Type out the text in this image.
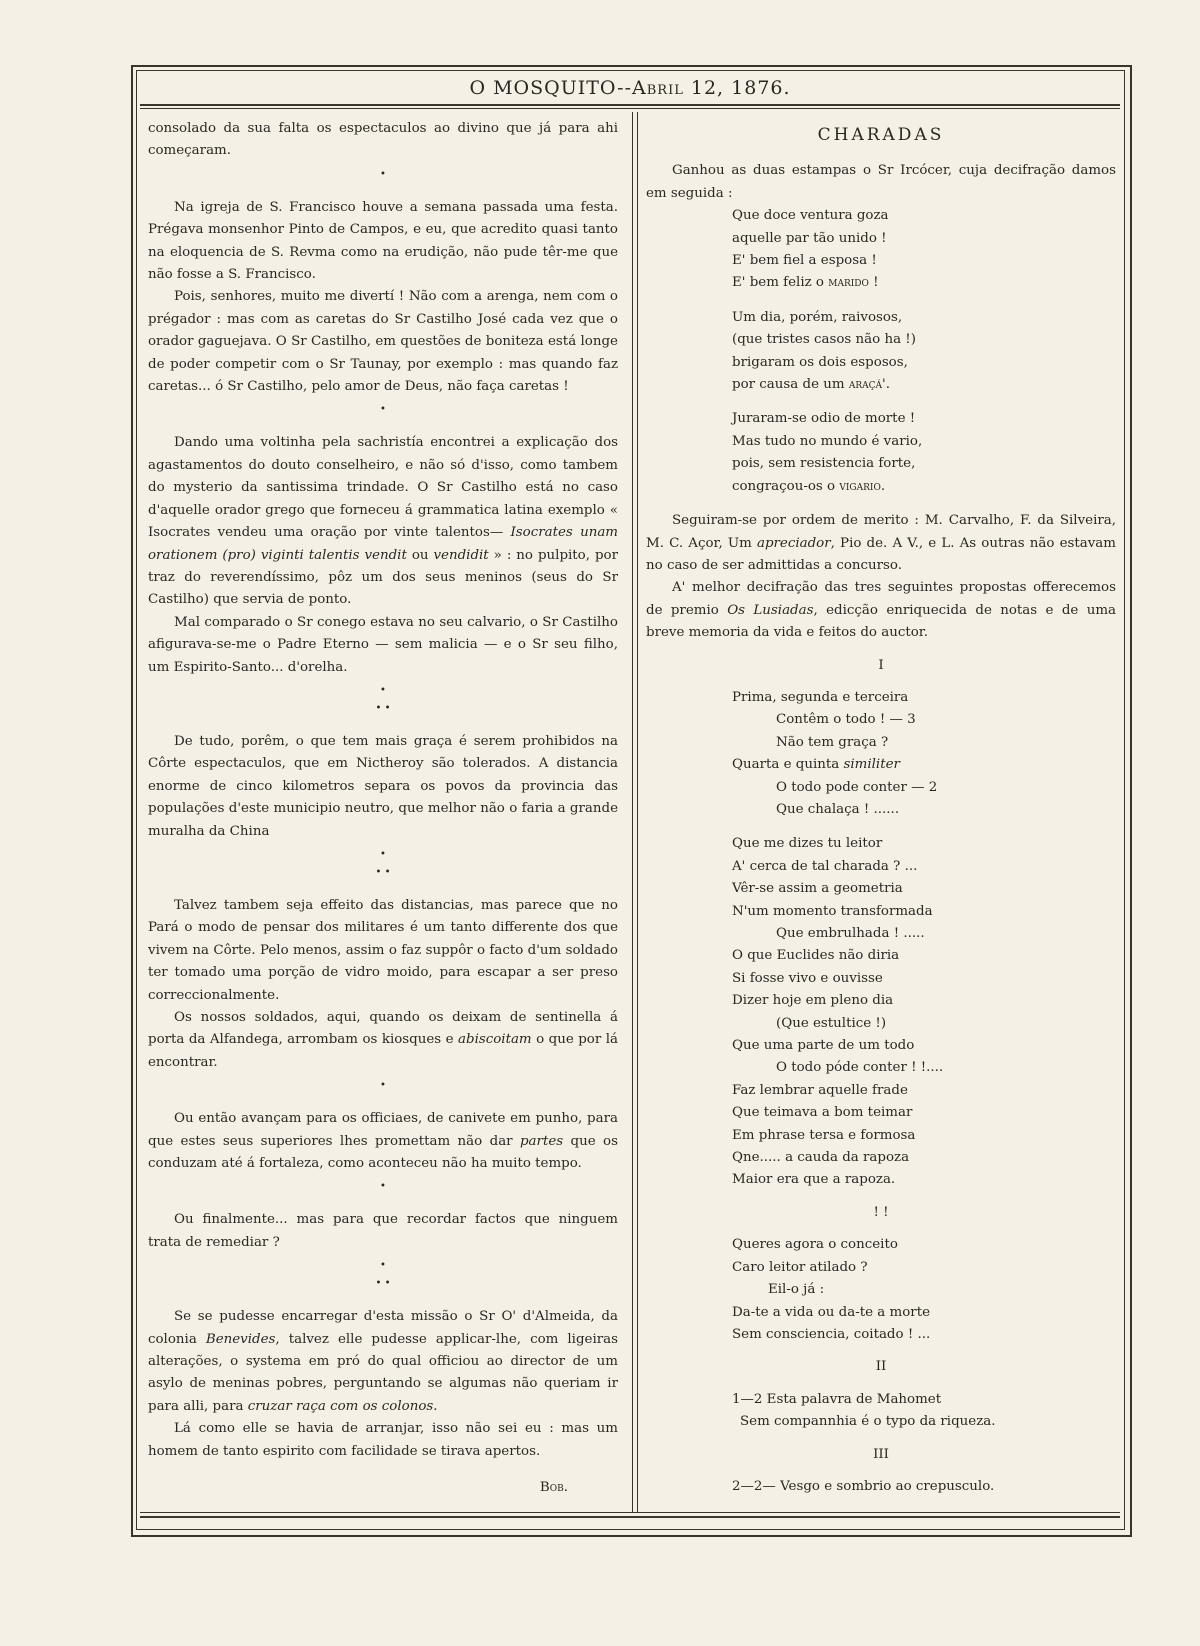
O MOSQUITO--Abril 12, 1876.

consolado da sua falta os espectaculos ao divino que já para ahi começaram.

•

Na igreja de S. Francisco houve a semana passada uma festa. Prégava monsenhor Pinto de Campos, e eu, que acredito quasi tanto na eloquencia de S. Revma como na erudição, não pude têr-me que não fosse a S. Francisco.

Pois, senhores, muito me divertí ! Não com a arenga, nem com o prégador : mas com as caretas do Sr Castilho José cada vez que o orador gaguejava. O Sr Castilho, em questões de boniteza está longe de poder competir com o Sr Taunay, por exemplo : mas quando faz caretas... ó Sr Castilho, pelo amor de Deus, não faça caretas !

•

Dando uma voltinha pela sachristía encontrei a explicação dos agastamentos do douto conselheiro, e não só d'isso, como tambem do mysterio da santissima trindade. O Sr Castilho está no caso d'aquelle orador grego que forneceu á grammatica latina exemplo « Isocrates vendeu uma oração por vinte talentos— Isocrates unam orationem (pro) viginti talentis vendit ou vendidit » : no pulpito, por traz do reverendíssimo, pôz um dos seus meninos (seus do Sr Castilho) que servia de ponto.

Mal comparado o Sr conego estava no seu calvario, o Sr Castilho afigurava-se-me o Padre Eterno — sem malicia — e o Sr seu filho, um Espirito-Santo... d'orelha.

•
• •

De tudo, porêm, o que tem mais graça é serem prohibidos na Côrte espectaculos, que em Nictheroy são tolerados. A distancia enorme de cinco kilometros separa os povos da provincia das populações d'este municipio neutro, que melhor não o faria a grande muralha da China

•
• •

Talvez tambem seja effeito das distancias, mas parece que no Pará o modo de pensar dos militares é um tanto differente dos que vivem na Côrte. Pelo menos, assim o faz suppôr o facto d'um soldado ter tomado uma porção de vidro moido, para escapar a ser preso correccionalmente.

Os nossos soldados, aqui, quando os deixam de sentinella á porta da Alfandega, arrombam os kiosques e abiscoitam o que por lá encontrar.

•

Ou então avançam para os officiaes, de canivete em punho, para que estes seus superiores lhes promettam não dar partes que os conduzam até á fortaleza, como aconteceu não ha muito tempo.

•

Ou finalmente... mas para que recordar factos que ninguem trata de remediar ?

•
• •

Se se pudesse encarregar d'esta missão o Sr O' d'Almeida, da colonia Benevides, talvez elle pudesse applicar-lhe, com ligeiras alterações, o systema em pró do qual officiou ao director de um asylo de meninas pobres, perguntando se algumas não queriam ir para alli, para cruzar raça com os colonos.

Lá como elle se havia de arranjar, isso não sei eu : mas um homem de tanto espirito com facilidade se tirava apertos.

Bob.
CHARADAS

Ganhou as duas estampas o Sr Ircócer, cuja decifração damos em seguida :

Que doce ventura goza
aquelle par tão unido !
E' bem fiel a esposa !
E' bem feliz o marido !
Um dia, porém, raivosos,
(que tristes casos não ha !)
brigaram os dois esposos,
por causa de um araçá'.
Juraram-se odio de morte !
Mas tudo no mundo é vario,
pois, sem resistencia forte,
congraçou-os o vigario.

Seguiram-se por ordem de merito : M. Carvalho, F. da Silveira, M. C. Açor, Um apreciador, Pio de. A V., e L. As outras não estavam no caso de ser admittidas a concurso.

A' melhor decifração das tres seguintes propostas offerecemos de premio Os Lusiadas, edicção enriquecida de notas e de uma breve memoria da vida e feitos do auctor.

I
Prima, segunda e terceira
Contêm o todo ! — 3
Não tem graça ?
Quarta e quinta similiter
O todo pode conter — 2
Que chalaça ! ......
Que me dizes tu leitor
A' cerca de tal charada ? ...
Vêr-se assim a geometria
N'um momento transformada
Que embrulhada ! .....
O que Euclides não diria
Si fosse vivo e ouvisse
Dizer hoje em pleno dia
(Que estultice !)
Que uma parte de um todo
O todo póde conter ! !....
Faz lembrar aquelle frade
Que teimava a bom teimar
Em phrase tersa e formosa
Qne..... a cauda da rapoza
Maior era que a rapoza.
! !
Queres agora o conceito
Caro leitor atilado ?
Eil-o já :
Da-te a vida ou da-te a morte
Sem consciencia, coitado ! ...
II
1—2 Esta palavra de Mahomet
Sem compannhia é o typo da riqueza.
III
2—2— Vesgo e sombrio ao crepusculo.
